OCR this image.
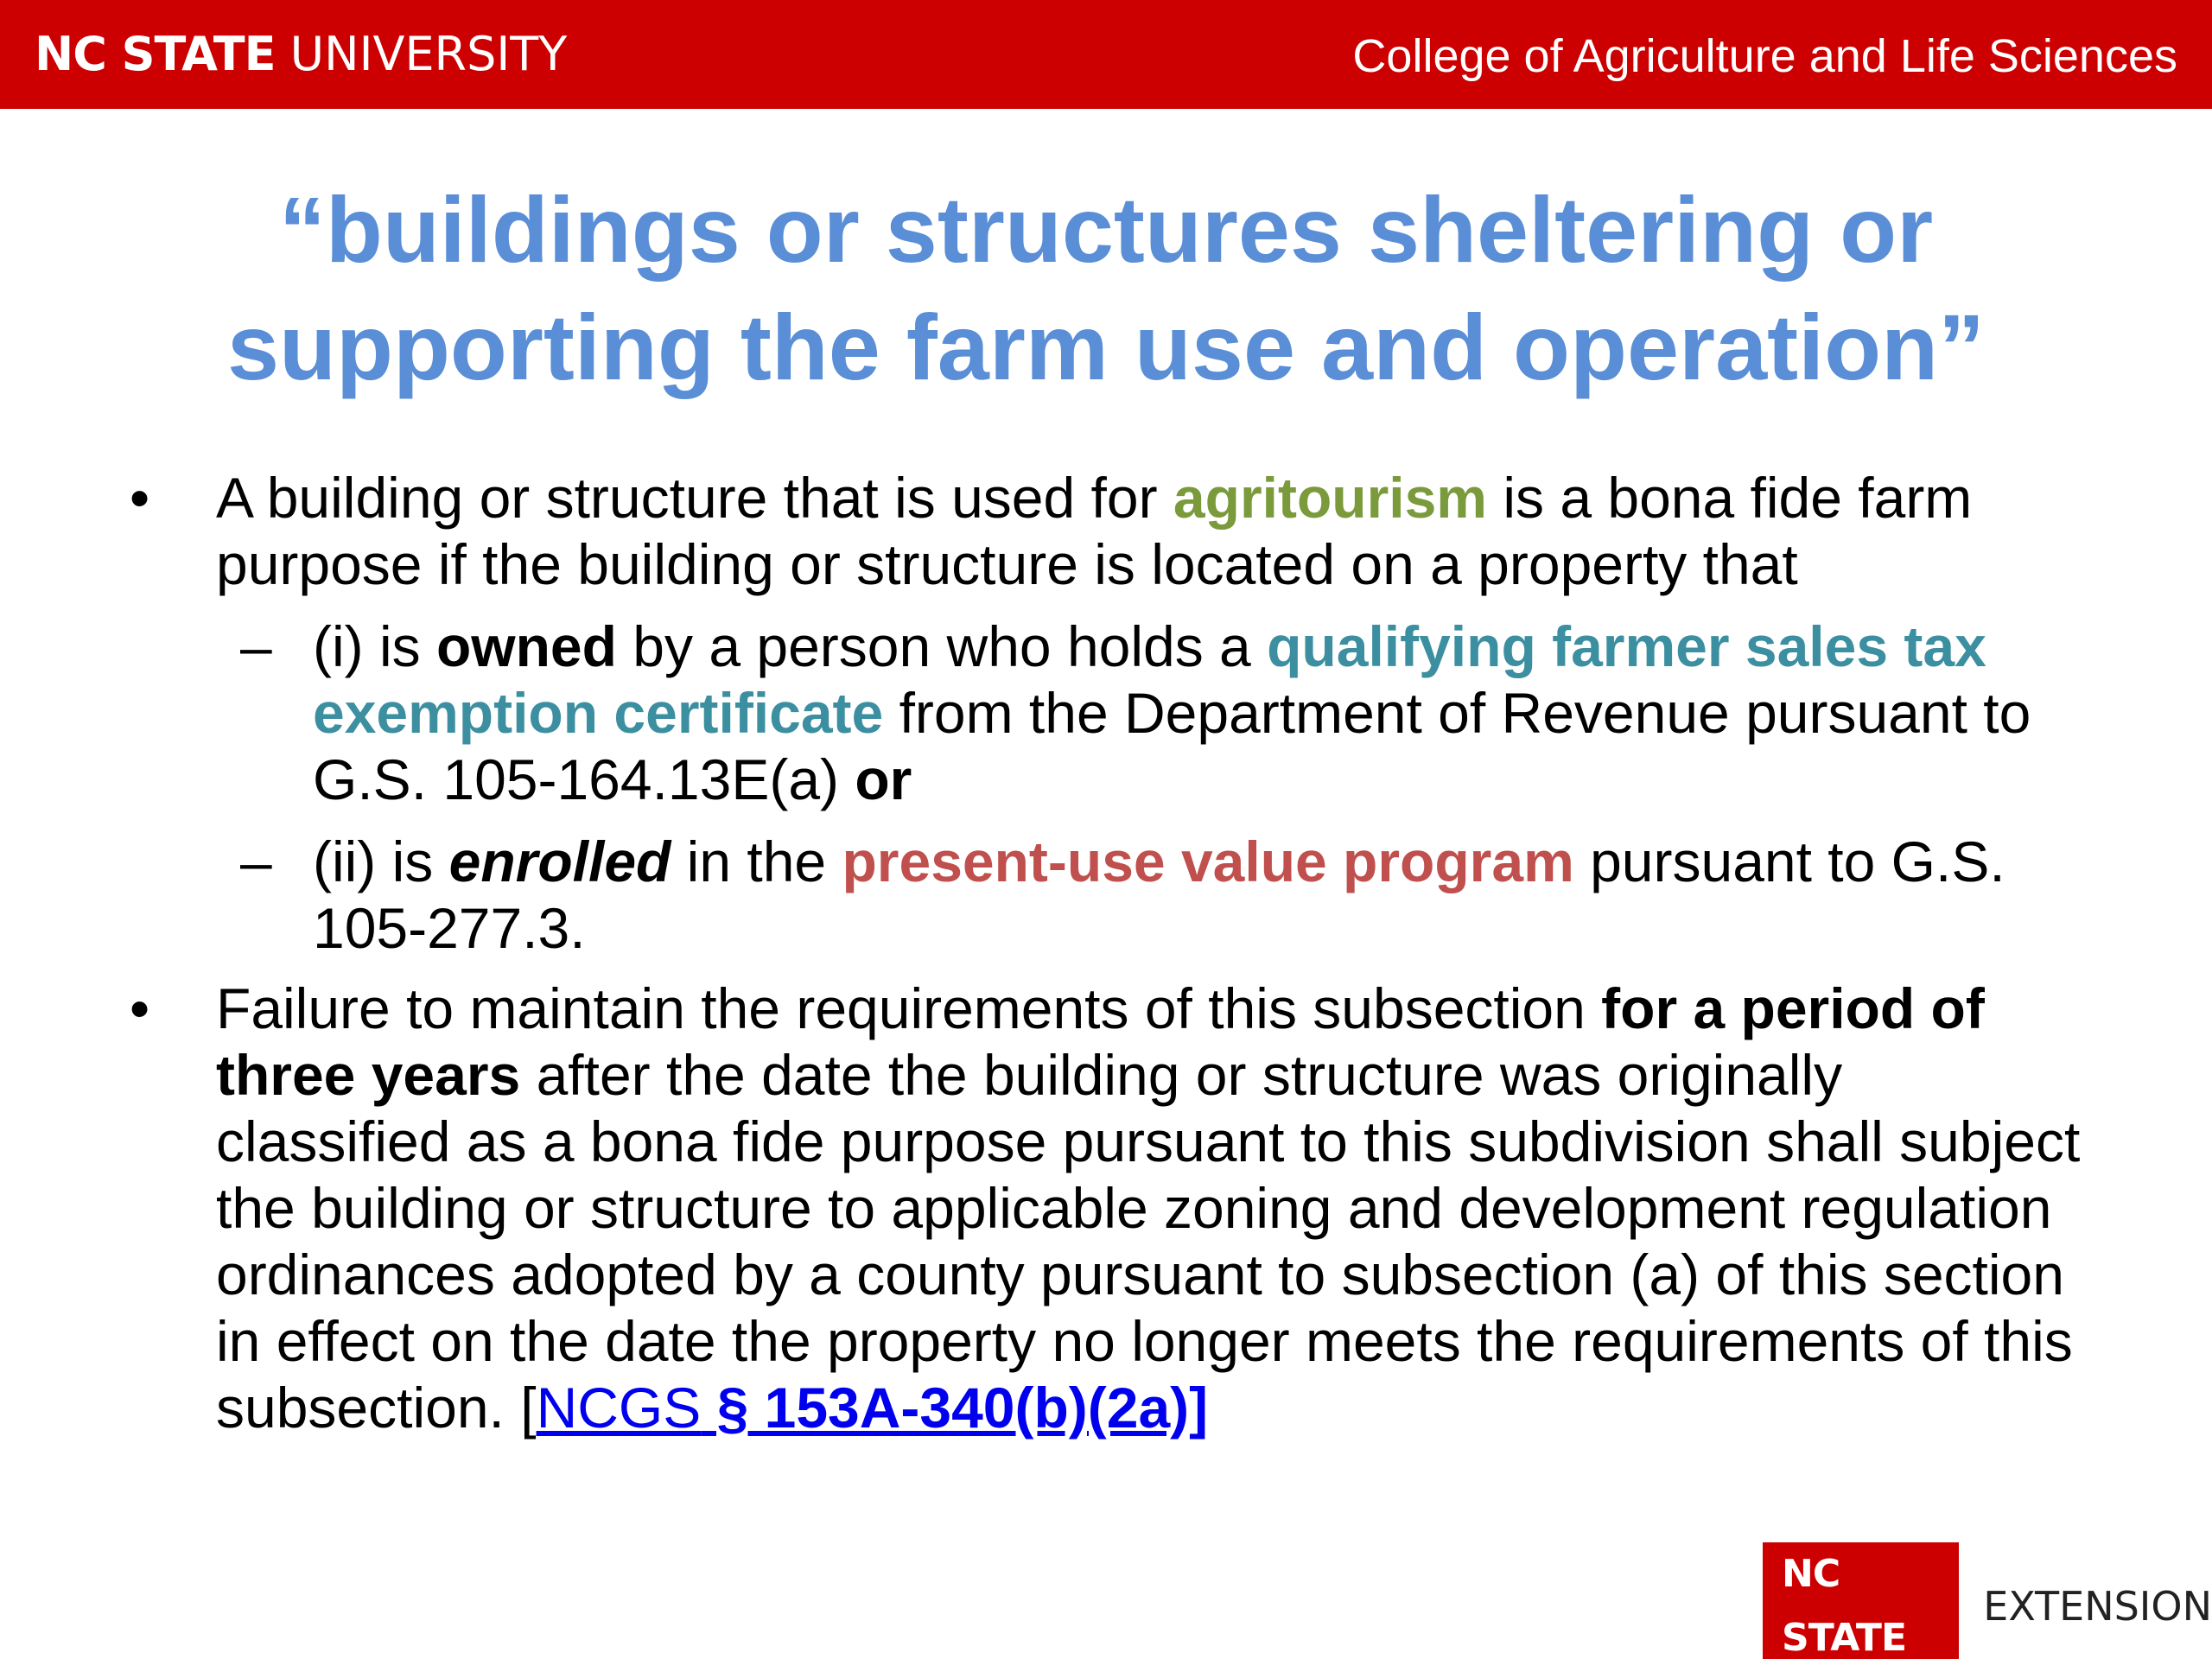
NC STATE UNIVERSITY	College of Agriculture and Life Sciences
“buildings or structures sheltering or
supporting the farm use and operation”
•	A building or structure that is used for agritourism is a bona fide farm purpose if the building or structure is located on a property that
– (i) is owned by a person who holds a qualifying farmer sales tax exemption certificate from the Department of Revenue pursuant to G.S. 105-164.13E(a) or
– (ii) is enrolled in the present-use value program pursuant to G.S. 105-277.3.
•	Failure to maintain the requirements of this subsection for a period of three years after the date the building or structure was originally classified as a bona fide purpose pursuant to this subdivision shall subject the building or structure to applicable zoning and development regulation ordinances adopted by a county pursuant to subsection (a) of this section in effect on the date the property no longer meets the requirements of this subsection. [NCGS § 153A-340(b)(2a)]
NC STATE
EXTENSION
